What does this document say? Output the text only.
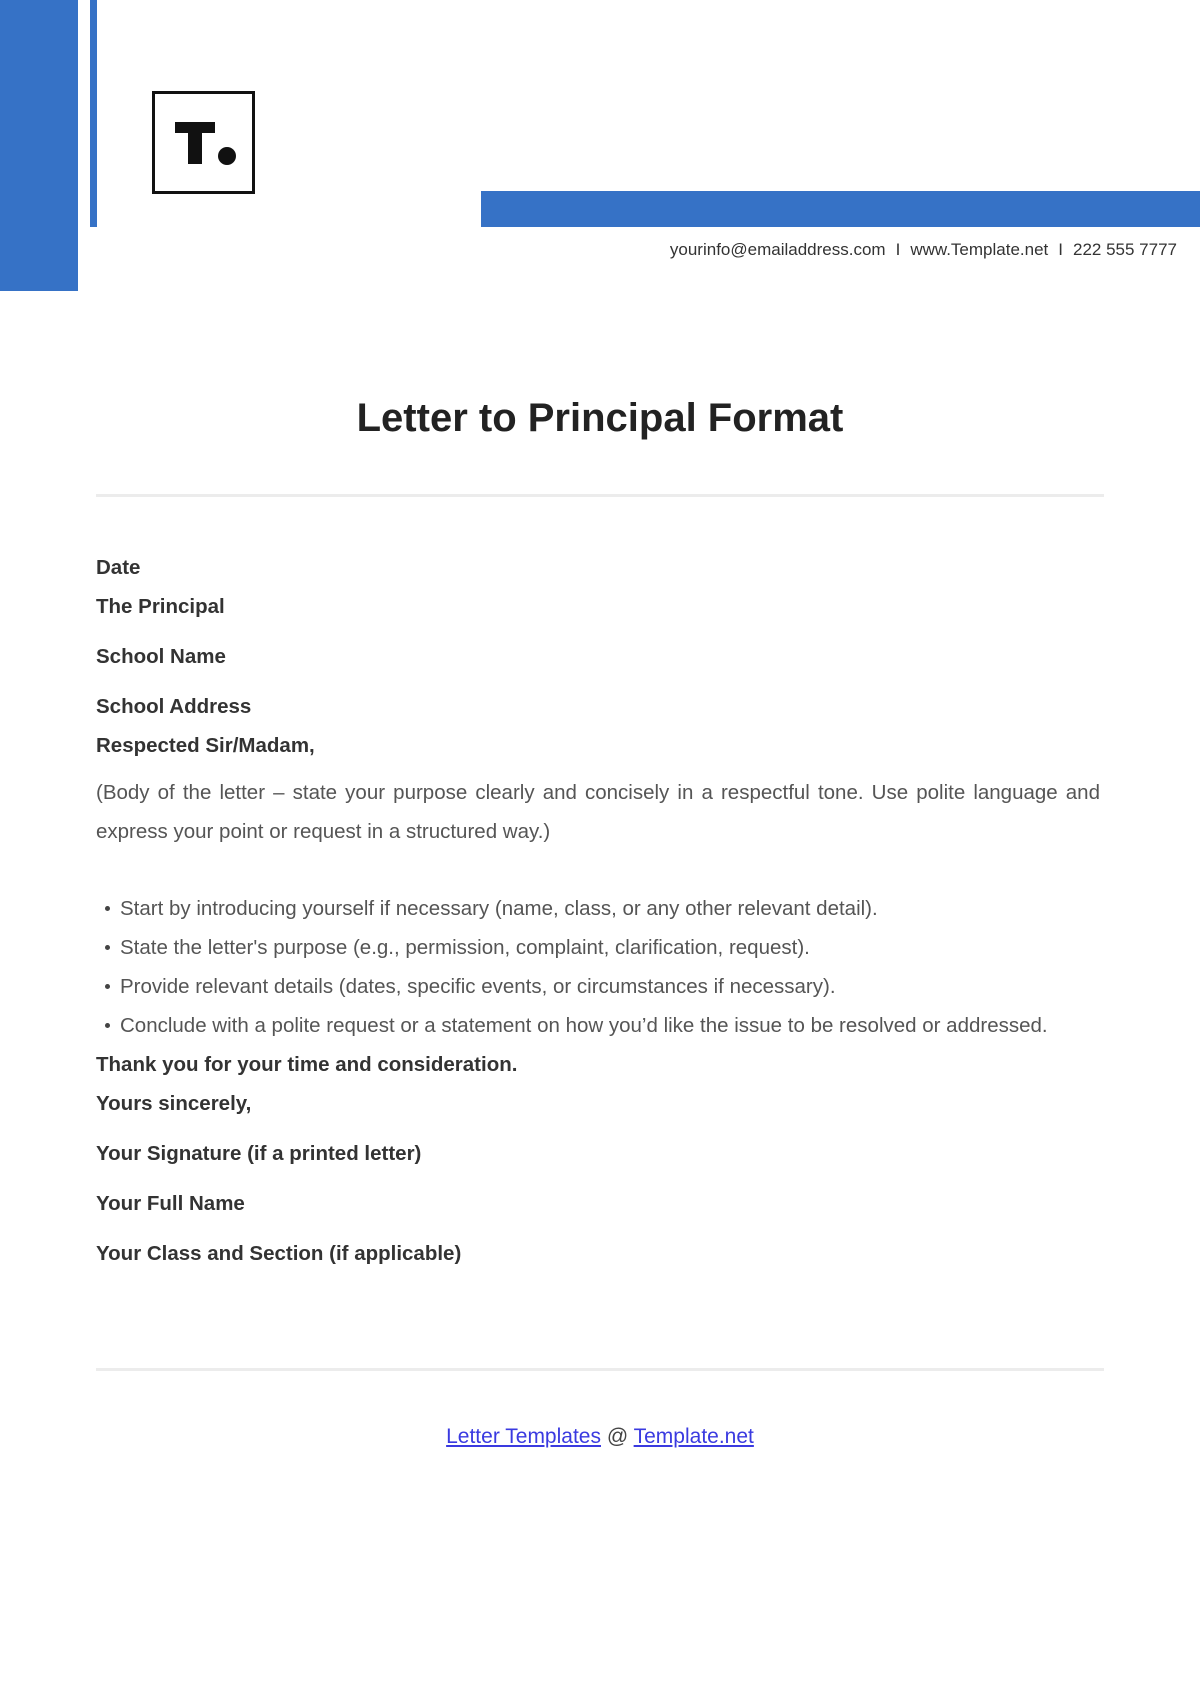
yourinfo@emailaddress.com I www.Template.net I 222 555 7777
Letter to Principal Format

Date

The Principal

School Name

School Address

Respected Sir/Madam,

(Body of the letter – state your purpose clearly and concisely in a respectful tone. Use polite language and express your point or request in a structured way.)

Start by introducing yourself if necessary (name, class, or any other relevant detail).
State the letter's purpose (e.g., permission, complaint, clarification, request).
Provide relevant details (dates, specific events, or circumstances if necessary).
Conclude with a polite request or a statement on how you’d like the issue to be resolved or addressed.

Thank you for your time and consideration.

Yours sincerely,

Your Signature (if a printed letter)

Your Full Name

Your Class and Section (if applicable)

Letter Templates @ Template.net
